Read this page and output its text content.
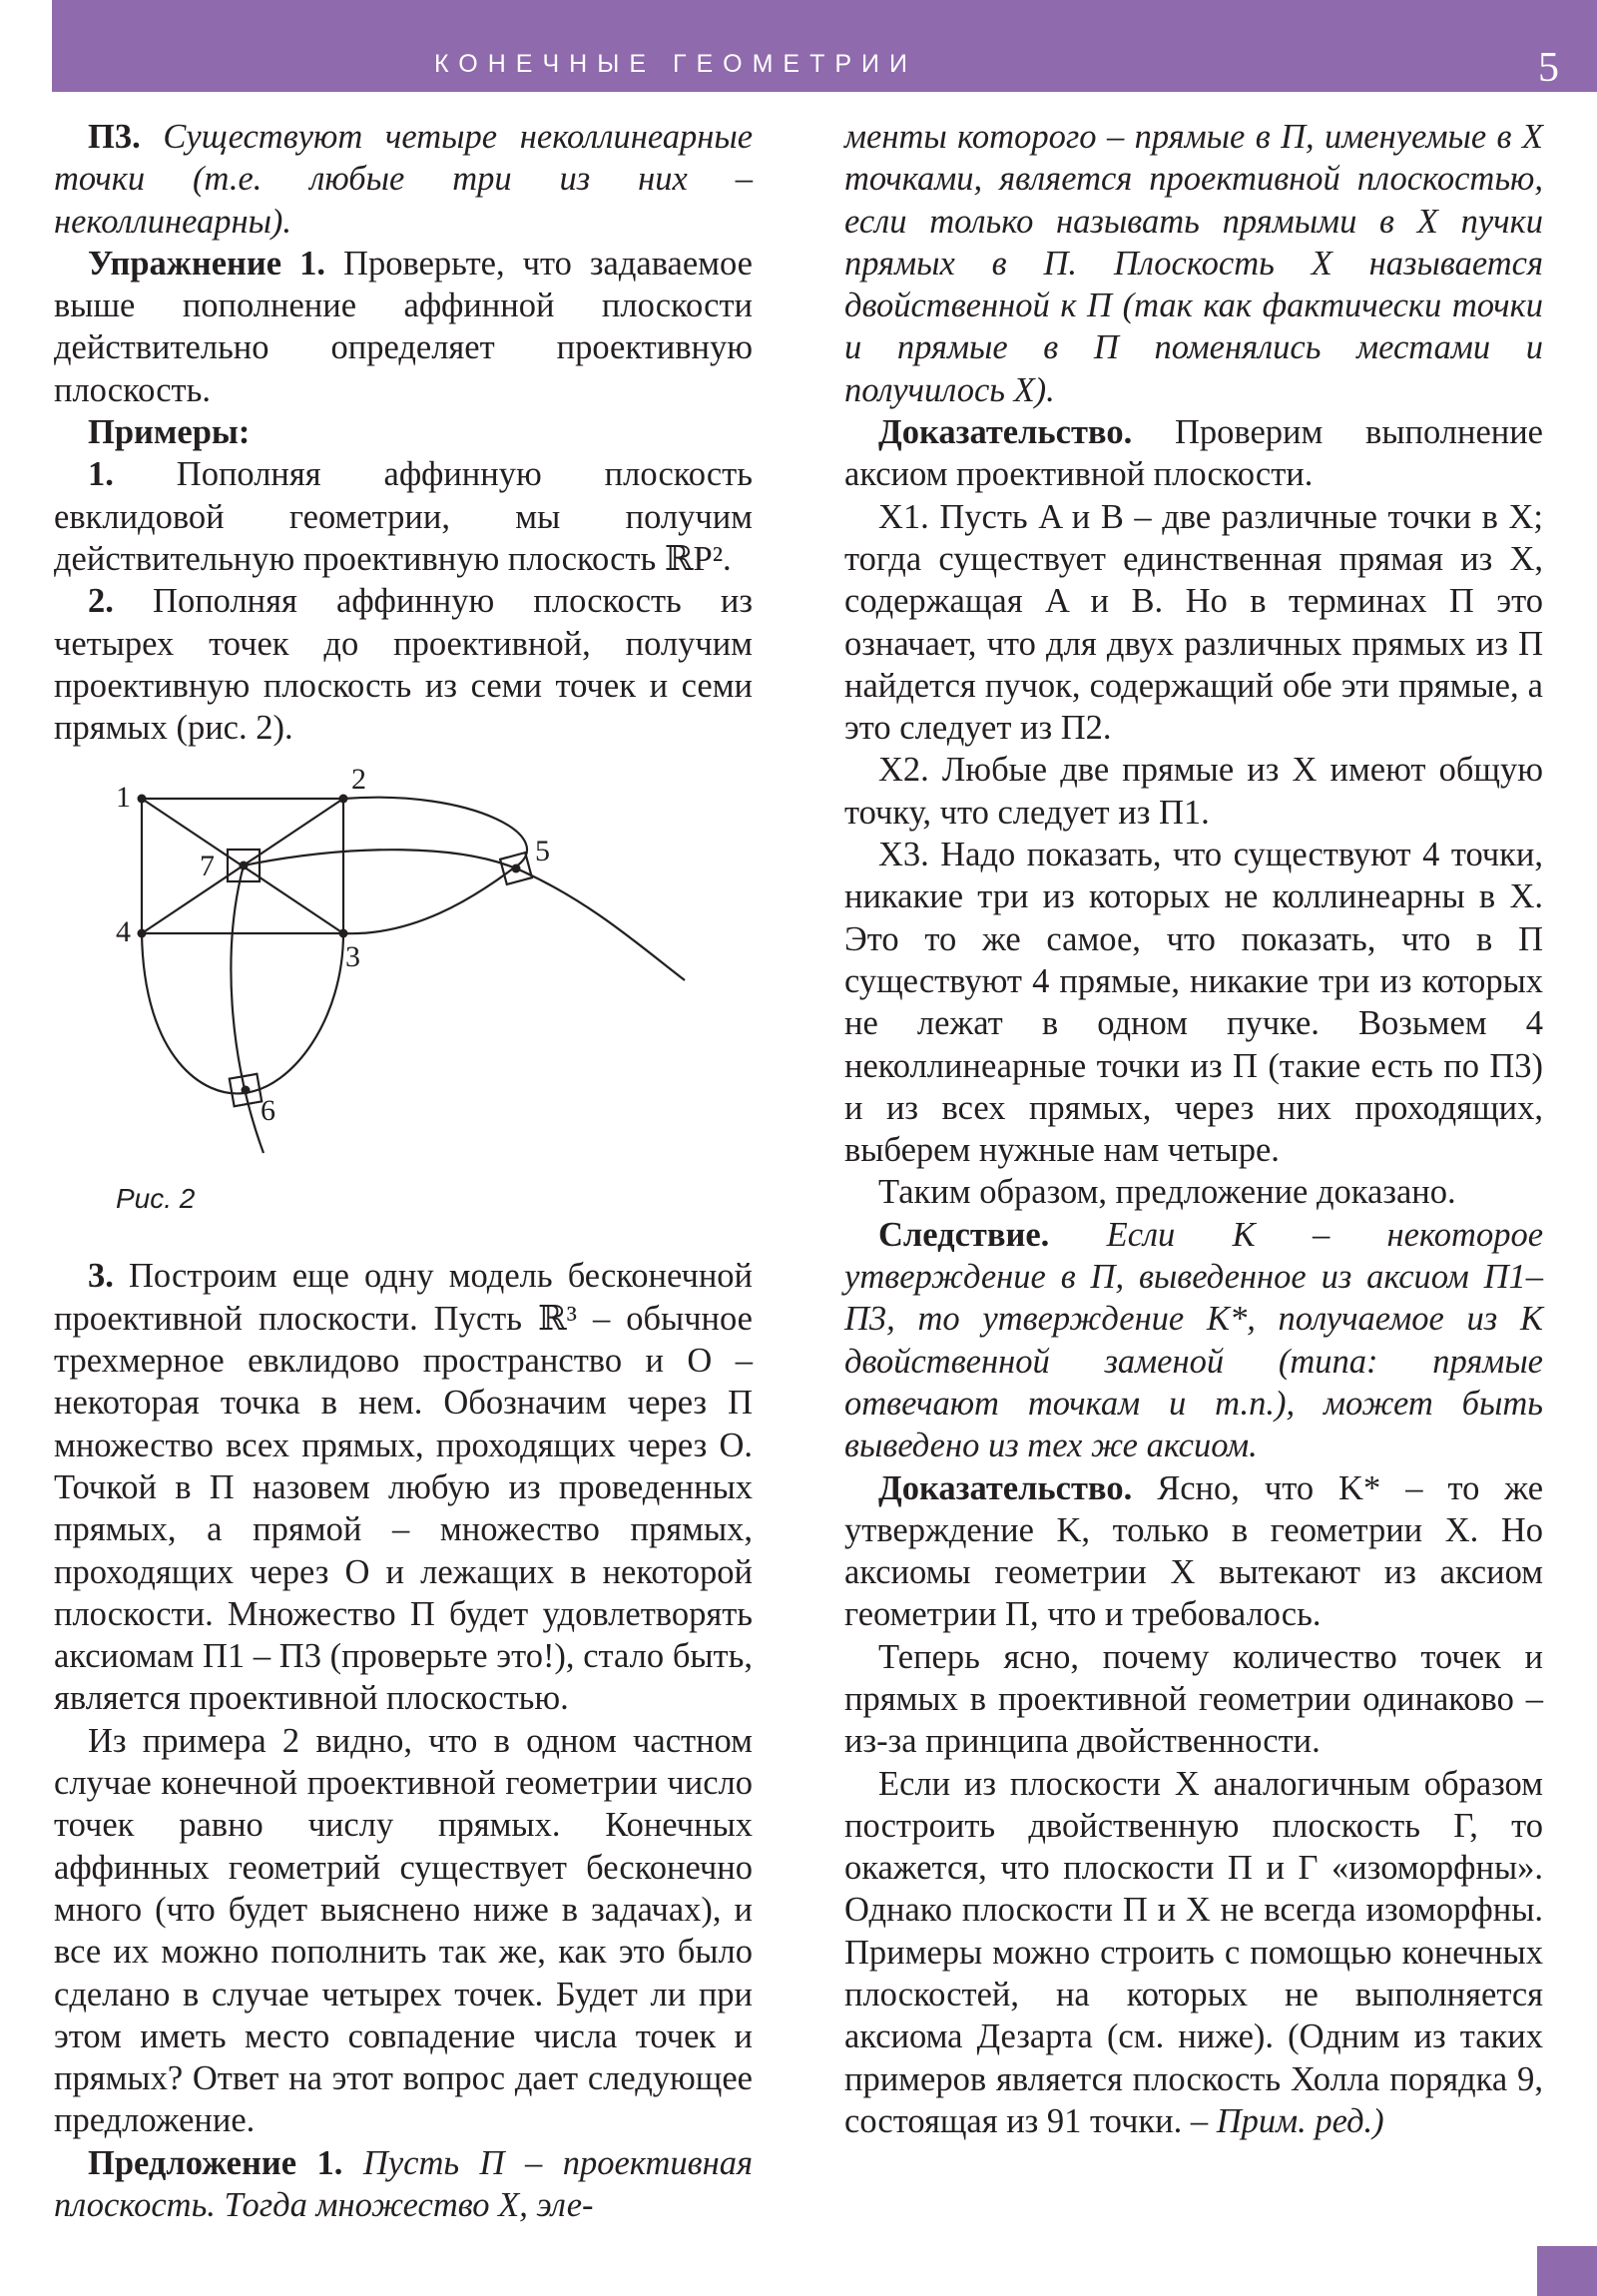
КОНЕЧНЫЕ ГЕОМЕТРИИ	5

П3. Существуют четыре неколлинеарные точки (т.е. любые три из них – неколлинеарны).

Упражнение 1. Проверьте, что задаваемое выше пополнение аффинной плоскости действительно определяет проективную плоскость.

Примеры:

1. Пополняя аффинную плоскость евклидовой геометрии, мы получим действительную проективную плоскость ℝP².

2. Пополняя аффинную плоскость из четырех точек до проективной, получим проективную плоскость из семи точек и семи прямых (рис. 2).

1
2
3
4
5
6
7
Рис. 2

3. Построим еще одну модель бесконечной проективной плоскости. Пусть ℝ³ – обычное трехмерное евклидово пространство и O – некоторая точка в нем. Обозначим через П множество всех прямых, проходящих через O. Точкой в П назовем любую из проведенных прямых, а прямой – множество прямых, проходящих через O и лежащих в некоторой плоскости. Множество П будет удовлетворять аксиомам П1 – П3 (проверьте это!), стало быть, является проективной плоскостью.

Из примера 2 видно, что в одном частном случае конечной проективной геометрии число точек равно числу прямых. Конечных аффинных геометрий существует бесконечно много (что будет выяснено ниже в задачах), и все их можно пополнить так же, как это было сделано в случае четырех точек. Будет ли при этом иметь место совпадение числа точек и прямых? Ответ на этот вопрос дает следующее предложение.

Предложение 1. Пусть П – проективная плоскость. Тогда множество X, эле-

менты которого – прямые в П, именуемые в X точками, является проективной плоскостью, если только называть прямыми в X пучки прямых в П. Плоскость X называется двойственной к П (так как фактически точки и прямые в П поменялись местами и получилось X).

Доказательство. Проверим выполнение аксиом проективной плоскости.

X1. Пусть A и B – две различные точки в X; тогда существует единственная прямая из X, содержащая A и B. Но в терминах П это означает, что для двух различных прямых из П найдется пучок, содержащий обе эти прямые, а это следует из П2.

X2. Любые две прямые из X имеют общую точку, что следует из П1.

X3. Надо показать, что существуют 4 точки, никакие три из которых не коллинеарны в X. Это то же самое, что показать, что в П существуют 4 прямые, никакие три из которых не лежат в одном пучке. Возьмем 4 неколлинеарные точки из П (такие есть по П3) и из всех прямых, через них проходящих, выберем нужные нам четыре.

Таким образом, предложение доказано.

Следствие. Если K – некоторое утверждение в П, выведенное из аксиом П1–П3, то утверждение K*, получаемое из K двойственной заменой (типа: прямые отвечают точкам и т.п.), может быть выведено из тех же аксиом.

Доказательство. Ясно, что K* – то же утверждение K, только в геометрии X. Но аксиомы геометрии X вытекают из аксиом геометрии П, что и требовалось.

Теперь ясно, почему количество точек и прямых в проективной геометрии одинаково – из-за принципа двойственности.

Если из плоскости X аналогичным образом построить двойственную плоскость Г, то окажется, что плоскости П и Г «изоморфны». Однако плоскости П и X не всегда изоморфны. Примеры можно строить с помощью конечных плоскостей, на которых не выполняется аксиома Дезарта (см. ниже). (Одним из таких примеров является плоскость Холла порядка 9, состоящая из 91 точки. – Прим. ред.)
